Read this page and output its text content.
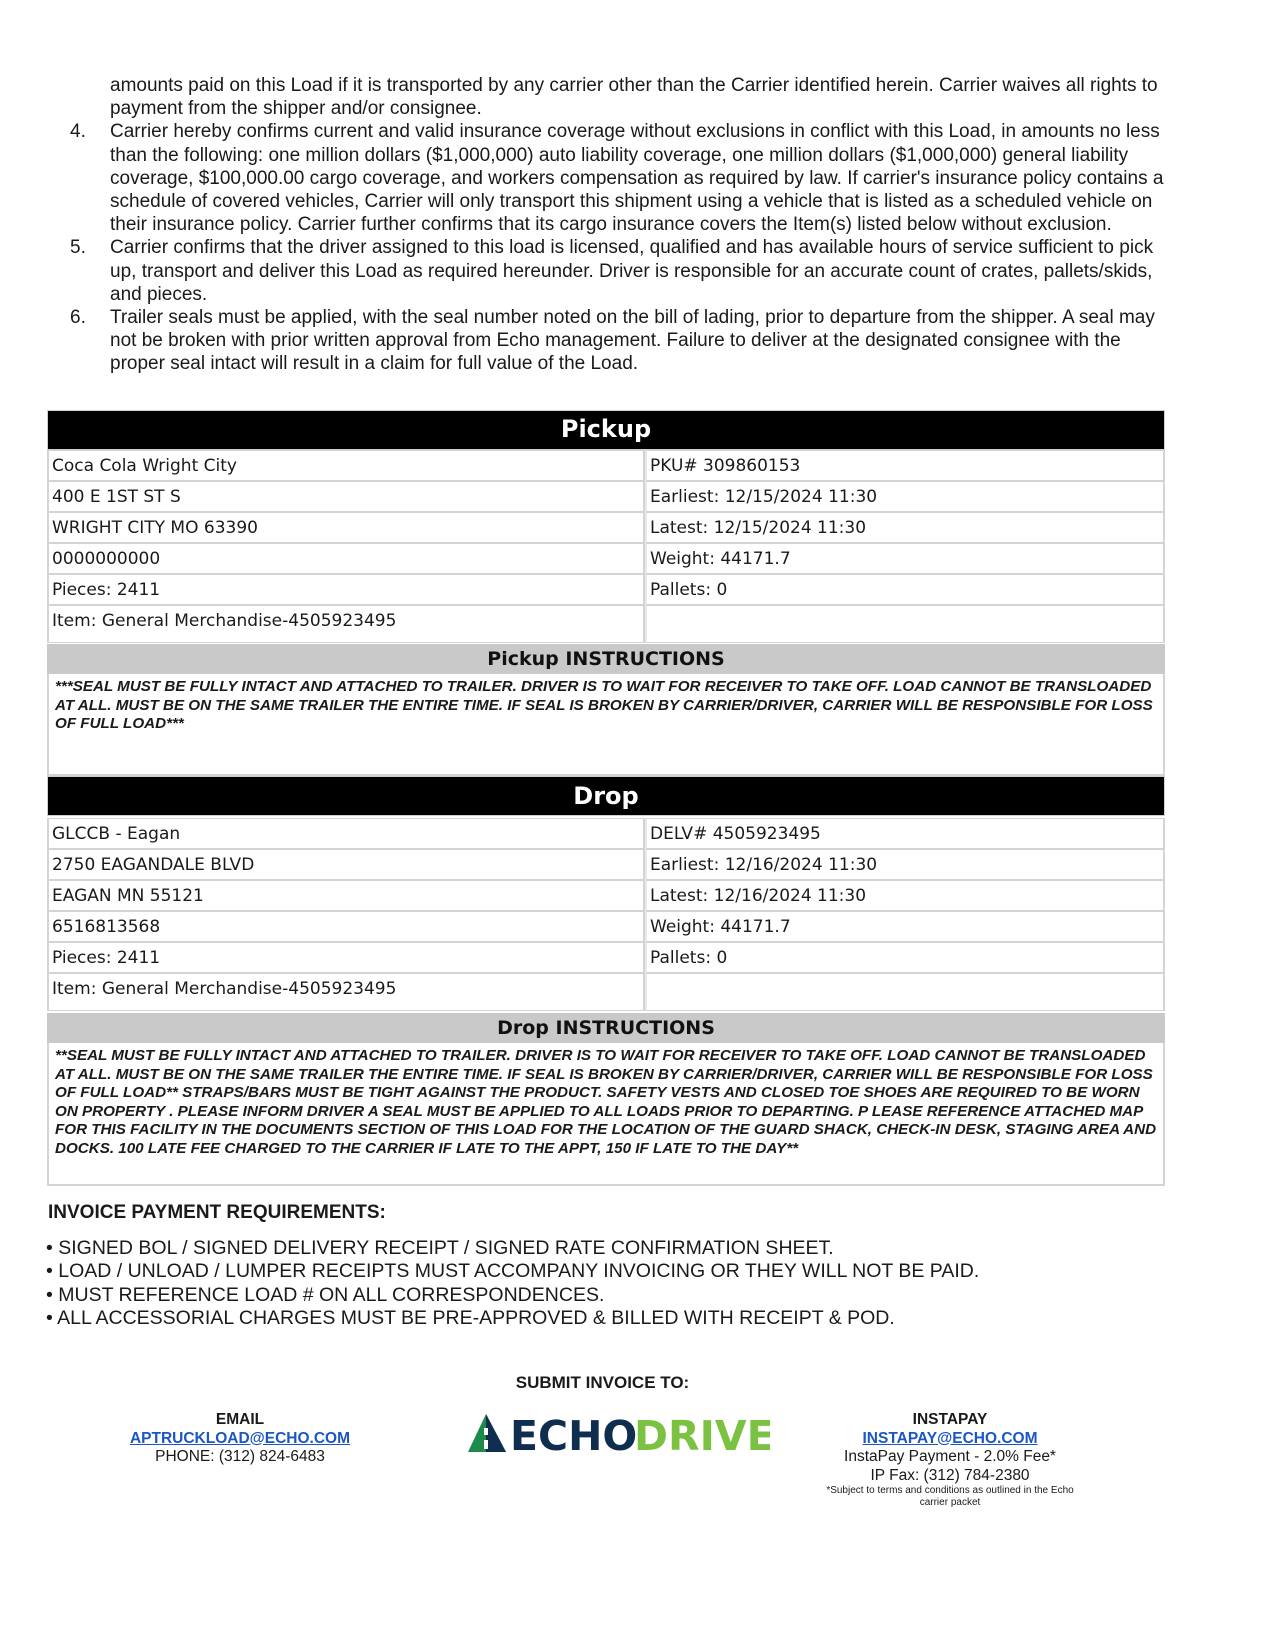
amounts paid on this Load if it is transported by any carrier other than the Carrier identified herein. Carrier waives all rights to payment from the shipper and/or consignee.
4.	Carrier hereby confirms current and valid insurance coverage without exclusions in conflict with this Load, in amounts no less than the following: one million dollars ($1,000,000) auto liability coverage, one million dollars ($1,000,000) general liability coverage, $100,000.00 cargo coverage, and workers compensation as required by law. If carrier's insurance policy contains a schedule of covered vehicles, Carrier will only transport this shipment using a vehicle that is listed as a scheduled vehicle on their insurance policy. Carrier further confirms that its cargo insurance covers the Item(s) listed below without exclusion.
5.	Carrier confirms that the driver assigned to this load is licensed, qualified and has available hours of service sufficient to pick up, transport and deliver this Load as required hereunder. Driver is responsible for an accurate count of crates, pallets/skids, and pieces.
6.	Trailer seals must be applied, with the seal number noted on the bill of lading, prior to departure from the shipper. A seal may not be broken with prior written approval from Echo management. Failure to deliver at the designated consignee with the proper seal intact will result in a claim for full value of the Load.
Pickup
Coca Cola Wright City	PKU# 309860153
400 E 1ST ST S	Earliest: 12/15/2024 11:30
WRIGHT CITY MO 63390	Latest: 12/15/2024 11:30
0000000000	Weight: 44171.7
Pieces: 2411	Pallets: 0
Item: General Merchandise-4505923495
Pickup INSTRUCTIONS
***SEAL MUST BE FULLY INTACT AND ATTACHED TO TRAILER. DRIVER IS TO WAIT FOR RECEIVER TO TAKE OFF. LOAD CANNOT BE TRANSLOADED AT ALL. MUST BE ON THE SAME TRAILER THE ENTIRE TIME. IF SEAL IS BROKEN BY CARRIER/DRIVER, CARRIER WILL BE RESPONSIBLE FOR LOSS OF FULL LOAD***
Drop
GLCCB - Eagan	DELV# 4505923495
2750 EAGANDALE BLVD	Earliest: 12/16/2024 11:30
EAGAN MN 55121	Latest: 12/16/2024 11:30
6516813568	Weight: 44171.7
Pieces: 2411	Pallets: 0
Item: General Merchandise-4505923495
Drop INSTRUCTIONS
**SEAL MUST BE FULLY INTACT AND ATTACHED TO TRAILER. DRIVER IS TO WAIT FOR RECEIVER TO TAKE OFF. LOAD CANNOT BE TRANSLOADED AT ALL. MUST BE ON THE SAME TRAILER THE ENTIRE TIME. IF SEAL IS BROKEN BY CARRIER/DRIVER, CARRIER WILL BE RESPONSIBLE FOR LOSS OF FULL LOAD** STRAPS/BARS MUST BE TIGHT AGAINST THE PRODUCT. SAFETY VESTS AND CLOSED TOE SHOES ARE REQUIRED TO BE WORN ON PROPERTY . PLEASE INFORM DRIVER A SEAL MUST BE APPLIED TO ALL LOADS PRIOR TO DEPARTING. P LEASE REFERENCE ATTACHED MAP FOR THIS FACILITY IN THE DOCUMENTS SECTION OF THIS LOAD FOR THE LOCATION OF THE GUARD SHACK, CHECK-IN DESK, STAGING AREA AND DOCKS. 100 LATE FEE CHARGED TO THE CARRIER IF LATE TO THE APPT, 150 IF LATE TO THE DAY**
INVOICE PAYMENT REQUIREMENTS:
• SIGNED BOL / SIGNED DELIVERY RECEIPT / SIGNED RATE CONFIRMATION SHEET.
• LOAD / UNLOAD / LUMPER RECEIPTS MUST ACCOMPANY INVOICING OR THEY WILL NOT BE PAID.
• MUST REFERENCE LOAD # ON ALL CORRESPONDENCES.
• ALL ACCESSORIAL CHARGES MUST BE PRE-APPROVED & BILLED WITH RECEIPT & POD.
SUBMIT INVOICE TO:
EMAIL
APTRUCKLOAD@ECHO.COM
PHONE: (312) 824-6483	ECHO
DRIVE	INSTAPAY
INSTAPAY@ECHO.COM
InstaPay Payment - 2.0% Fee*
IP Fax: (312) 784-2380
*Subject to terms and conditions as outlined in the Echo carrier packet
